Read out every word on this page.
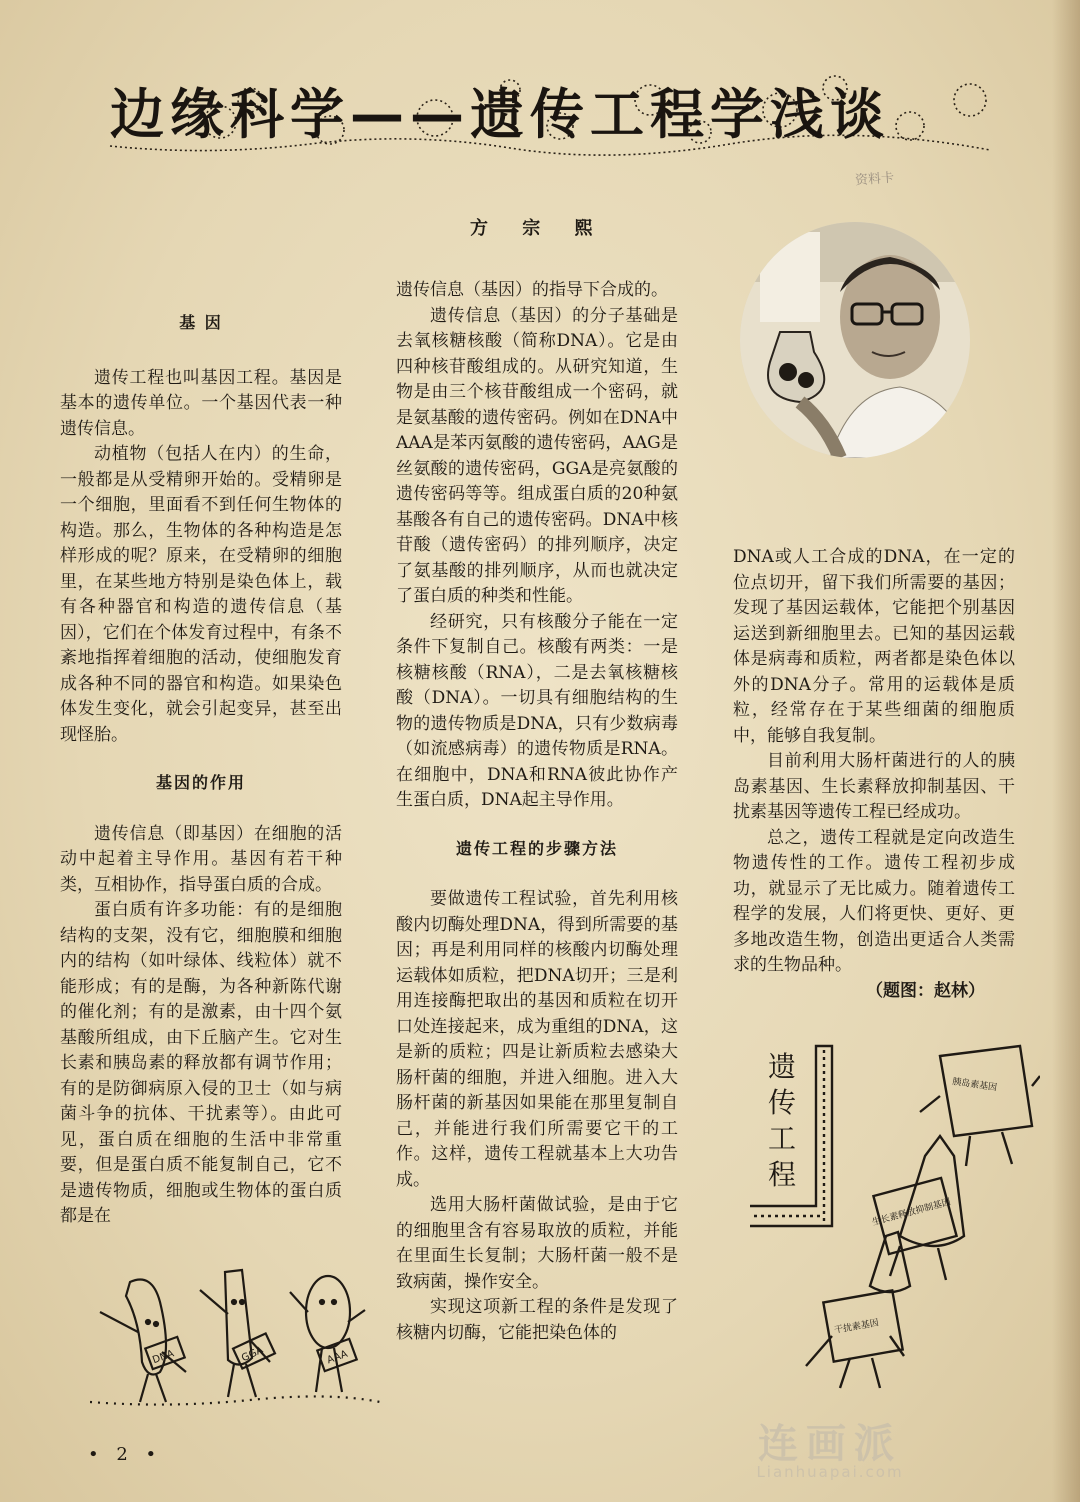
边缘科学——遗传工程学浅谈
资料卡
方 宗 熙
基 因

遗传工程也叫基因工程。基因是基本的遗传单位。一个基因代表一种遗传信息。

动植物（包括人在内）的生命，一般都是从受精卵开始的。受精卵是一个细胞，里面看不到任何生物体的构造。那么，生物体的各种构造是怎样形成的呢？原来，在受精卵的细胞里，在某些地方特别是染色体上，载有各种器官和构造的遗传信息（基因），它们在个体发育过程中，有条不紊地指挥着细胞的活动，使细胞发育成各种不同的器官和构造。如果染色体发生变化，就会引起变异，甚至出现怪胎。

基因的作用

遗传信息（即基因）在细胞的活动中起着主导作用。基因有若干种类，互相协作，指导蛋白质的合成。

蛋白质有许多功能：有的是细胞结构的支架，没有它，细胞膜和细胞内的结构（如叶绿体、线粒体）就不能形成；有的是酶，为各种新陈代谢的催化剂；有的是激素，由十四个氨基酸所组成，由下丘脑产生。它对生长素和胰岛素的释放都有调节作用；有的是防御病原入侵的卫士（如与病菌斗争的抗体、干扰素等）。由此可见，蛋白质在细胞的生活中非常重要，但是蛋白质不能复制自己，它不是遗传物质，细胞或生物体的蛋白质都是在

遗传信息（基因）的指导下合成的。

遗传信息（基因）的分子基础是去氧核糖核酸（简称DNA）。它是由四种核苷酸组成的。从研究知道，生物是由三个核苷酸组成一个密码，就是氨基酸的遗传密码。例如在DNA中AAA是苯丙氨酸的遗传密码，AAG是丝氨酸的遗传密码，GGA是亮氨酸的遗传密码等等。组成蛋白质的20种氨基酸各有自己的遗传密码。DNA中核苷酸（遗传密码）的排列顺序，决定了氨基酸的排列顺序，从而也就决定了蛋白质的种类和性能。

经研究，只有核酸分子能在一定条件下复制自己。核酸有两类：一是核糖核酸（RNA），二是去氧核糖核酸（DNA）。一切具有细胞结构的生物的遗传物质是DNA，只有少数病毒（如流感病毒）的遗传物质是RNA。在细胞中，DNA和RNA彼此协作产生蛋白质，DNA起主导作用。

遗传工程的步骤方法

要做遗传工程试验，首先利用核酸内切酶处理DNA，得到所需要的基因；再是利用同样的核酸内切酶处理运载体如质粒，把DNA切开；三是利用连接酶把取出的基因和质粒在切开口处连接起来，成为重组的DNA，这是新的质粒；四是让新质粒去感染大肠杆菌的细胞，并进入细胞。进入大肠杆菌的新基因如果能在那里复制自己，并能进行我们所需要它干的工作。这样，遗传工程就基本上大功告成。

选用大肠杆菌做试验，是由于它的细胞里含有容易取放的质粒，并能在里面生长复制；大肠杆菌一般不是致病菌，操作安全。

实现这项新工程的条件是发现了核糖内切酶，它能把染色体的

DNA或人工合成的DNA，在一定的位点切开，留下我们所需要的基因；发现了基因运载体，它能把个别基因运送到新细胞里去。已知的基因运载体是病毒和质粒，两者都是染色体以外的DNA分子。常用的运载体是质粒，经常存在于某些细菌的细胞质中，能够自我复制。

目前利用大肠杆菌进行的人的胰岛素基因、生长素释放抑制基因、干扰素基因等遗传工程已经成功。

总之，遗传工程就是定向改造生物遗传性的工作。遗传工程初步成功，就显示了无比威力。随着遗传工程学的发展，人们将更快、更好、更多地改造生物，创造出更适合人类需求的生物品种。

（题图：赵林）

DNA	GGA	AAA
遗
传
工
程
胰岛素基因
生长素释放抑制基因
干扰素基因
• 2 •	连画派
Lianhuapai.com
